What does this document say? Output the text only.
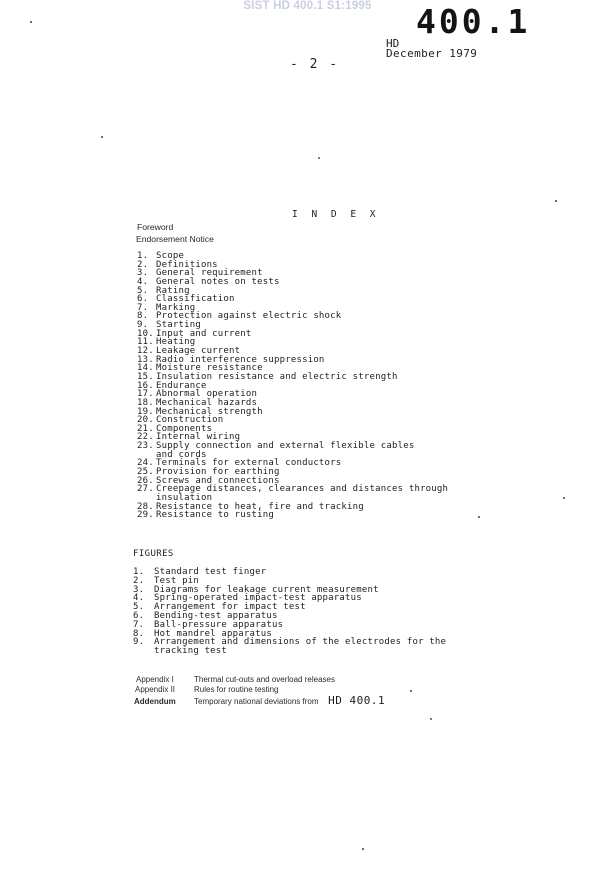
SIST HD 400.1 S1:1995	400.1
HD
December 1979
- 2 -
I N D E X
Foreword
Endorsement Notice
1. Scope
2. Definitions
3. General requirement
4. General notes on tests
5. Rating
6. Classification
7. Marking
8. Protection against electric shock
9. Starting
10. Input and current
11. Heating
12. Leakage current
13. Radio interference suppression
14. Moisture resistance
15. Insulation resistance and electric strength
16. Endurance
17. Abnormal operation
18. Mechanical hazards
19. Mechanical strength
20. Construction
21. Components
22. Internal wiring
23. Supply connection and external flexible cables
and cords
24. Terminals for external conductors
25. Provision for earthing
26. Screws and connections
27. Creepage distances, clearances and distances through
insulation
28. Resistance to heat, fire and tracking
29. Resistance to rusting
FIGURES
1.	Standard test finger
2.	Test pin
3.	Diagrams for leakage current measurement
4.	Spring-operated impact-test apparatus
5.	Arrangement for impact test
6.	Bending-test apparatus
7.	Ball-pressure apparatus
8.	Hot mandrel apparatus
9.	Arrangement and dimensions of the electrodes for the
tracking test
Appendix I	Thermal cut-outs and overload releases
Appendix II Rules for routine testing
Addendum Temporary national deviations from HD 400.1
